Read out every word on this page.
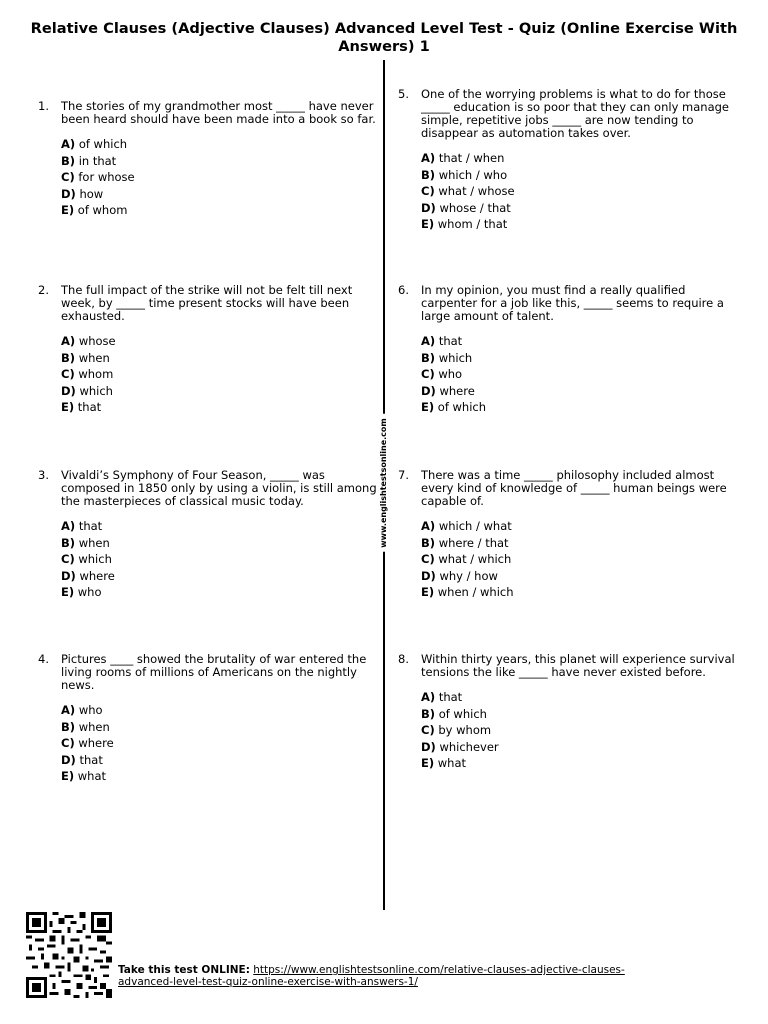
Relative Clauses (Adjective Clauses) Advanced Level Test - Quiz (Online Exercise With Answers) 1
www.englishtestsonline.com
1. The stories of my grandmother most _____ have never been heard should have been made into a book so far.
A) of which
B) in that
C) for whose
D) how
E) of whom
2. The full impact of the strike will not be felt till next week, by _____ time present stocks will have been exhausted.
A) whose
B) when
C) whom
D) which
E) that
3. Vivaldi’s Symphony of Four Season, _____ was composed in 1850 only by using a violin, is still among the masterpieces of classical music today.
A) that
B) when
C) which
D) where
E) who
4. Pictures ____ showed the brutality of war entered the living rooms of millions of Americans on the nightly news.
A) who
B) when
C) where
D) that
E) what
5. One of the worrying problems is what to do for those _____ education is so poor that they can only manage simple, repetitive jobs _____ are now tending to disappear as automation takes over.
A) that / when
B) which / who
C) what / whose
D) whose / that
E) whom / that
6. In my opinion, you must find a really qualified carpenter for a job like this, _____ seems to require a large amount of talent.
A) that
B) which
C) who
D) where
E) of which
7. There was a time _____ philosophy included almost every kind of knowledge of _____ human beings were capable of.
A) which / what
B) where / that
C) what / which
D) why / how
E) when / which
8. Within thirty years, this planet will experience survival tensions the like _____ have never existed before.
A) that
B) of which
C) by whom
D) whichever
E) what
Take this test ONLINE: https://www.englishtestsonline.com/relative-clauses-adjective-clauses-advanced-level-test-quiz-online-exercise-with-answers-1/
